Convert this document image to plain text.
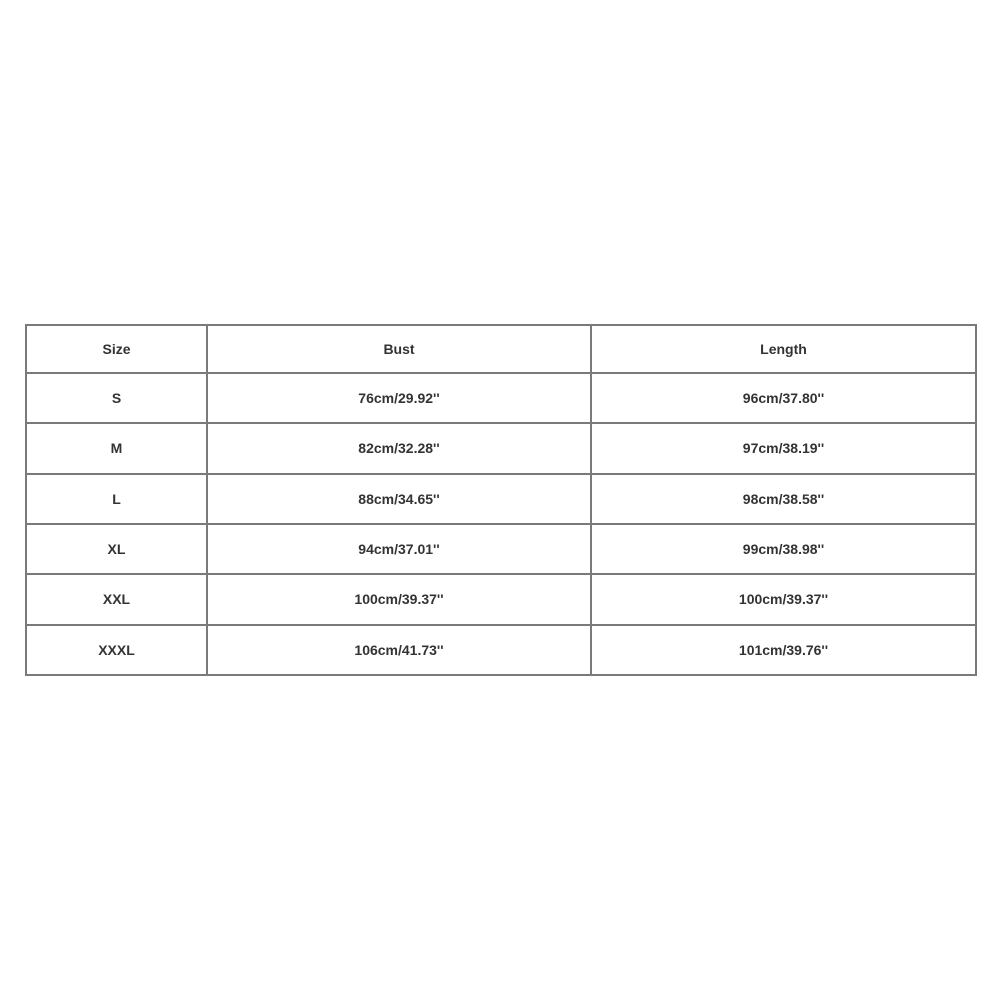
Size	Bust	Length
S	76cm/29.92''	96cm/37.80''
M	82cm/32.28''	97cm/38.19''
L	88cm/34.65''	98cm/38.58''
XL	94cm/37.01''	99cm/38.98''
XXL	100cm/39.37''	100cm/39.37''
XXXL	106cm/41.73''	101cm/39.76''
